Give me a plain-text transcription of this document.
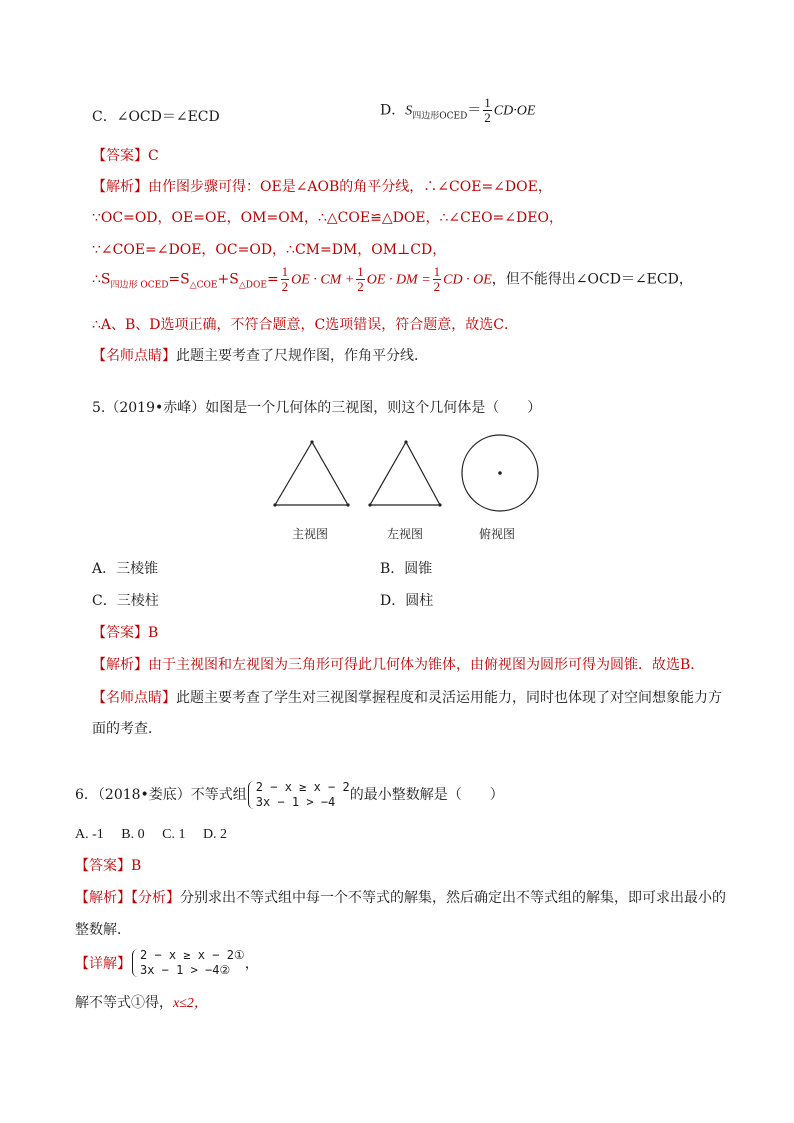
C．∠OCD＝∠ECD	D．$S_{四边形OCED}= \frac{1}{2} CD\cdot OE$
【答案】C
【解析】由作图步骤可得：OE是∠AOB的角平分线，∴∠COE=∠DOE，
∵OC=OD，OE=OE，OM=OM，∴△COE≌△DOE，∴∠CEO=∠DEO，
∵∠COE=∠DOE，OC=OD，∴CM=DM，OM⊥CD，
$\therefore S_{四边形 OCED}=S_{\triangle COE}+S_{\triangle DOE}= \frac{1}{2}$ OE · CM + $\frac{1}{2}$ OE · DM = $\frac{1}{2}$ CD · OE，但不能得出∠OCD＝∠ECD，
∴A、B、D选项正确，不符合题意，C选项错误，符合题意，故选C．
【名师点睛】此题主要考查了尺规作图，作角平分线．
5.（2019•赤峰）如图是一个几何体的三视图，则这个几何体是（　　）
主视图	左视图	俯视图
A．三棱锥	B．圆锥
C．三棱柱	D．圆柱
【答案】B
【解析】由于主视图和左视图为三角形可得此几何体为锥体，由俯视图为圆形可得为圆锥．故选B．
【名师点睛】此题主要考查了学生对三视图掌握程度和灵活运用能力，同时也体现了对空间想象能力方
面的考查．
6．（2018•娄底）不等式组 2 − x ≥ x − 2
3x − 1 > −4	的最小整数解是（　　）
A. -1　 B. 0　 C. 1　 D. 2
【答案】B
【解析】【分析】分别求出不等式组中每一个不等式的解集，然后确定出不等式组的解集，即可求出最小的
整数解．
【详解】
2 − x ≥ x − 2①
3x − 1 > −4②	，
解不等式①得，x≤2，
